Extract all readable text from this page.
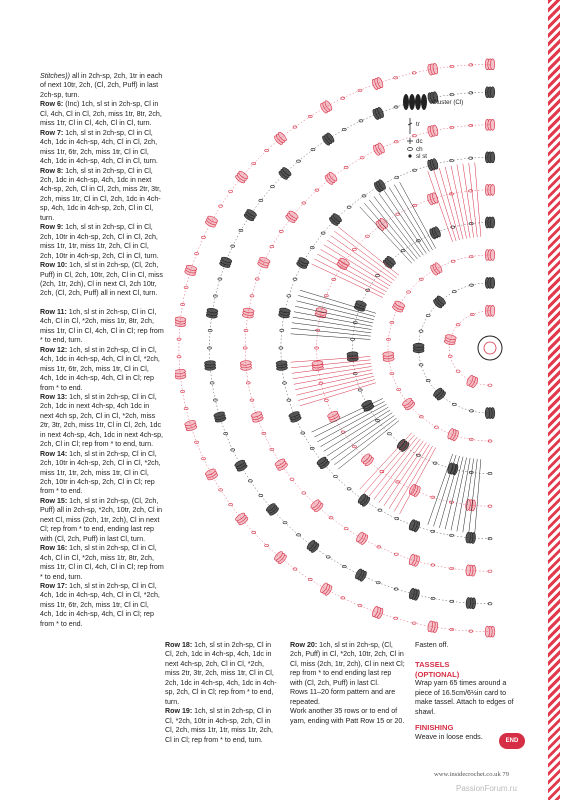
Stitches)) all in 2ch-sp, 2ch, 1tr in each of next 10tr, 2ch, (Cl, 2ch, Puff) in last 2ch-sp, turn.

Row 6: (Inc) 1ch, sl st in 2ch-sp, Cl in Cl, 4ch, Cl in Cl, 2ch, miss 1tr, 8tr, 2ch, miss 1tr, Cl in Cl, 4ch, Cl in Cl, turn.

Row 7: 1ch, sl st in 2ch-sp, Cl in Cl, 4ch, 1dc in 4ch-sp, 4ch, Cl in Cl, 2ch, miss 1tr, 6tr, 2ch, miss 1tr, Cl in Cl, 4ch, 1dc in 4ch-sp, 4ch, Cl in Cl, turn.

Row 8: 1ch, sl st in 2ch-sp, Cl in Cl, 2ch, 1dc in 4ch-sp, 4ch, 1dc in next 4ch-sp, 2ch, Cl in Cl, 2ch, miss 2tr, 3tr, 2ch, miss 1tr, Cl in Cl, 2ch, 1dc in 4ch-sp, 4ch, 1dc in 4ch-sp, 2ch, Cl in Cl, turn.

Row 9: 1ch, sl st in 2ch-sp, Cl in Cl, 2ch, 10tr in 4ch-sp, 2ch, Cl in Cl, 2ch, miss 1tr, 1tr, miss 1tr, 2ch, Cl in Cl, 2ch, 10tr in 4ch-sp, 2ch, Cl in Cl, turn.

Row 10: 1ch, sl st in 2ch-sp, (Cl, 2ch, Puff) in Cl, 2ch, 10tr, 2ch, Cl in Cl, miss (2ch, 1tr, 2ch), Cl in next Cl, 2ch 10tr, 2ch, (Cl, 2ch, Puff) all in next Cl, turn.

Row 11: 1ch, sl st in 2ch-sp, Cl in Cl, 4ch, Cl in Cl, *2ch, miss 1tr, 8tr, 2ch, miss 1tr, Cl in Cl, 4ch, Cl in Cl; rep from * to end, turn.

Row 12: 1ch, sl st in 2ch-sp, Cl in Cl, 4ch, 1dc in 4ch-sp, 4ch, Cl in Cl, *2ch, miss 1tr, 6tr, 2ch, miss 1tr, Cl in Cl, 4ch, 1dc in 4ch-sp, 4ch, Cl in Cl; rep from * to end.

Row 13: 1ch, sl st in 2ch-sp, Cl in Cl, 2ch, 1dc in next 4ch-sp, 4ch 1dc in next 4ch sp, 2ch, Cl in Cl, *2ch, miss 2tr, 3tr, 2ch, miss 1tr, Cl in Cl, 2ch, 1dc in next 4ch-sp, 4ch, 1dc in next 4ch-sp, 2ch, Cl in Cl; rep from * to end, turn.

Row 14: 1ch, sl st in 2ch-sp, Cl in Cl, 2ch, 10tr in 4ch-sp, 2ch, Cl in Cl, *2ch, miss 1tr, 1tr, 2ch, miss 1tr, Cl in Cl, 2ch, 10tr in 4ch-sp, 2ch, Cl in Cl; rep from * to end.

Row 15: 1ch, sl st in 2ch-sp, (Cl, 2ch, Puff) all in 2ch-sp, *2ch, 10tr, 2ch, Cl in next Cl, miss (2ch, 1tr, 2ch), Cl in next Cl; rep from * to end, ending last rep with (Cl, 2ch, Puff) in last Cl, turn.

Row 16: 1ch, sl st in 2ch-sp, Cl in Cl, 4ch, Cl in Cl, *2ch, miss 1tr, 8tr, 2ch, miss 1tr, Cl in Cl, 4ch, Cl in Cl; rep from * to end, turn.

Row 17: 1ch, sl st in 2ch-sp, Cl in Cl, 4ch, 1dc in 4ch-sp, 4ch, Cl in Cl, *2ch, miss 1tr, 6tr, 2ch, miss 1tr, Cl in Cl, 4ch, 1dc in 4ch-sp, 4ch, Cl in Cl; rep from * to end.

Row 18: 1ch, sl st in 2ch-sp, Cl in Cl, 2ch, 1dc in 4ch-sp, 4ch, 1dc in next 4ch-sp, 2ch, Cl in Cl, *2ch, miss 2tr, 3tr, 2ch, miss 1tr, Cl in Cl, 2ch, 1dc in 4ch-sp, 4ch, 1dc in 4ch-sp, 2ch, Cl in Cl; rep from * to end, turn.

Row 19: 1ch, sl st in 2ch-sp, Cl in Cl, *2ch, 10tr in 4ch-sp, 2ch, Cl in Cl, 2ch, miss 1tr, 1tr, miss 1tr, 2ch, Cl in Cl; rep from * to end, turn.

Row 20: 1ch, sl st in 2ch-sp, (Cl, 2ch, Puff) in Cl, *2ch, 10tr, 2ch, Cl in Cl, miss (2ch, 1tr, 2ch), Cl in next Cl; rep from * to end ending last rep with (Cl, 2ch, Puff) in last Cl.

Rows 11–20 form pattern and are repeated.

Work another 35 rows or to end of yarn, ending with Patt Row 15 or 20.

Fasten off.

TASSELS

(OPTIONAL)

Wrap yarn 65 times around a piece of 16.5cm/6½in card to make tassel. Attach to edges of shawl.

FINISHING

Weave in loose ends.

Cluster (Cl)
tr
dc
ch
sl st
END
www.insidecrochet.co.uk 79
PassionForum.ru
